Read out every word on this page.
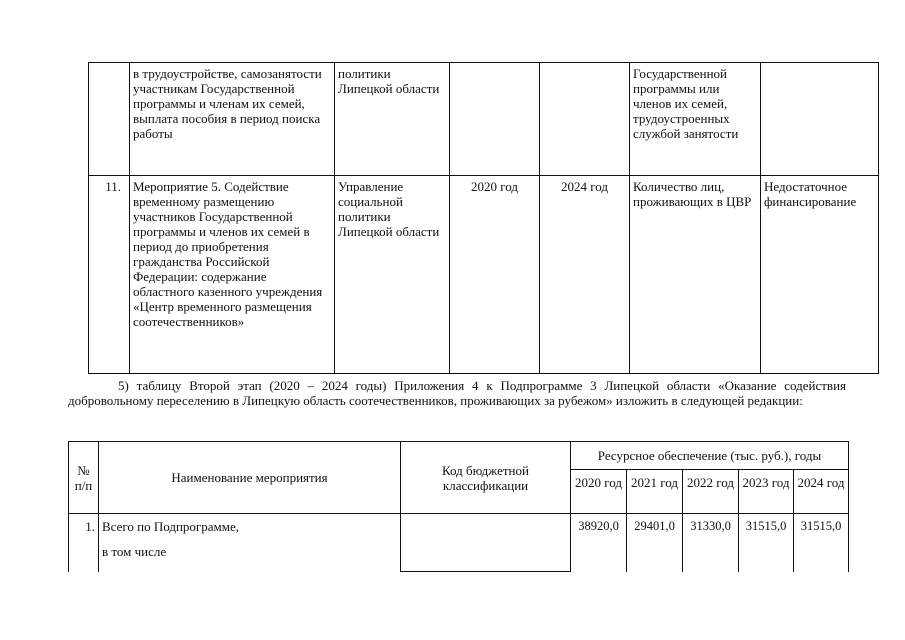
	в трудоустройстве, самозанятости участникам Государственной программы и членам их семей, выплата пособия в период поиска работы	политики Липецкой области			Государственной программы или членов их семей, трудоустроенных службой занятости	
11.	Мероприятие 5. Содействие временному размещению участников Государственной программы и членов их семей в период до приобретения гражданства Российской Федерации: содержание областного казенного учреждения «Центр временного размещения соотечественников»	Управление социальной политики Липецкой области	2020 год	2024 год	Количество лиц, проживающих в ЦВР	Недостаточное финансирование

5) таблицу Второй этап (2020 – 2024 годы) Приложения 4 к Подпрограмме 3 Липецкой области «Оказание содействия добровольному переселению в Липецкую область соотечественников, проживающих за рубежом» изложить в следующей редакции:

№ п/п	Наименование мероприятия	Код бюджетной классификации	Ресурсное обеспечение (тыс. руб.), годы				
			2020 год	2021 год	2022 год	2023 год	2024 год
1.	Всего по Подпрограмме,
в том числе		38920,0	29401,0	31330,0	31515,0	31515,0
